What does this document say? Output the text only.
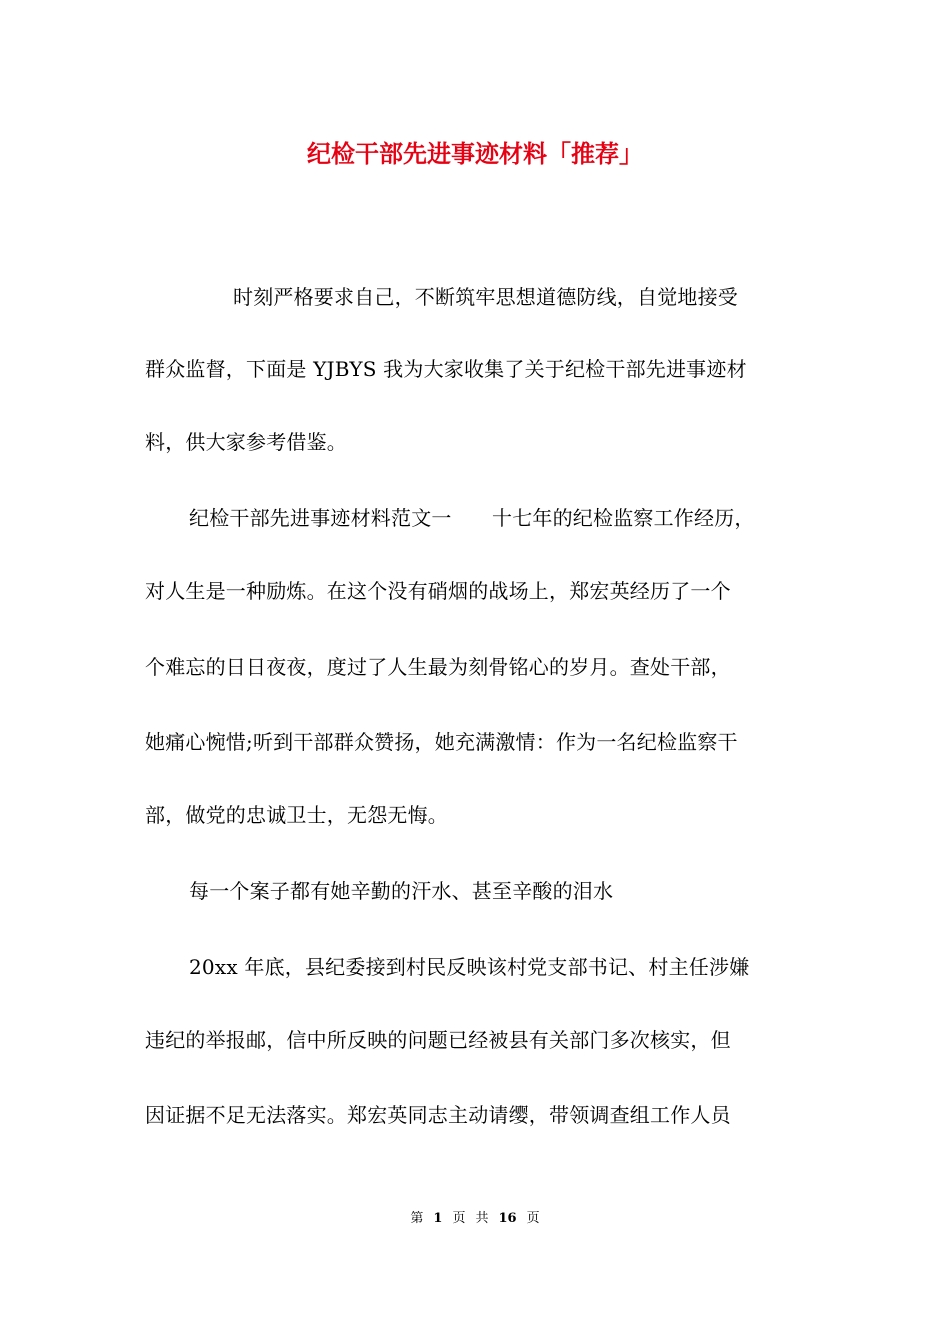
纪检干部先进事迹材料「推荐」
时刻严格要求自己，不断筑牢思想道德防线，自觉地接受
群众监督，下面是 YJBYS 我为大家收集了关于纪检干部先进事迹材
料，供大家参考借鉴。
纪检干部先进事迹材料范文一　　十七年的纪检监察工作经历，
对人生是一种励炼。在这个没有硝烟的战场上，郑宏英经历了一个
个难忘的日日夜夜，度过了人生最为刻骨铭心的岁月。查处干部，
她痛心惋惜;听到干部群众赞扬，她充满激情：作为一名纪检监察干
部，做党的忠诚卫士，无怨无悔。
每一个案子都有她辛勤的汗水、甚至辛酸的泪水
20xx 年底，县纪委接到村民反映该村党支部书记、村主任涉嫌
违纪的举报邮，信中所反映的问题已经被县有关部门多次核实，但
因证据不足无法落实。郑宏英同志主动请缨，带领调查组工作人员
第 1 页 共 16 页
